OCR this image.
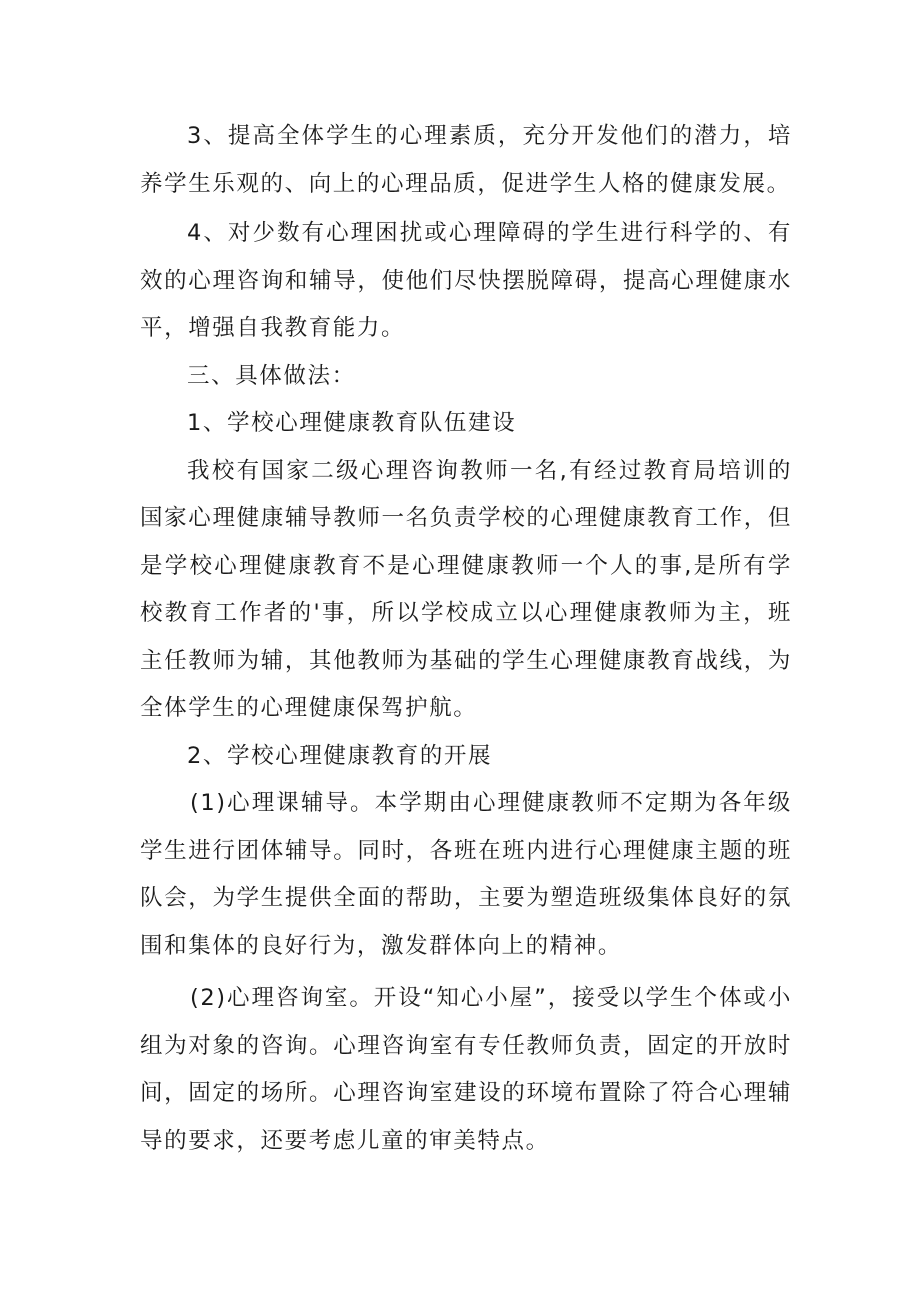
3、提高全体学生的心理素质，充分开发他们的潜力，培养学生乐观的、向上的心理品质，促进学生人格的健康发展。

4、对少数有心理困扰或心理障碍的学生进行科学的、有效的心理咨询和辅导，使他们尽快摆脱障碍，提高心理健康水平，增强自我教育能力。

三、具体做法：

1、学校心理健康教育队伍建设

我校有国家二级心理咨询教师一名,有经过教育局培训的国家心理健康辅导教师一名负责学校的心理健康教育工作，但是学校心理健康教育不是心理健康教师一个人的事,是所有学校教育工作者的'事，所以学校成立以心理健康教师为主，班主任教师为辅，其他教师为基础的学生心理健康教育战线，为全体学生的心理健康保驾护航。

2、学校心理健康教育的开展

(1)心理课辅导。本学期由心理健康教师不定期为各年级学生进行团体辅导。同时，各班在班内进行心理健康主题的班队会，为学生提供全面的帮助，主要为塑造班级集体良好的氛围和集体的良好行为，激发群体向上的精神。

(2)心理咨询室。开设“知心小屋”，接受以学生个体或小组为对象的咨询。心理咨询室有专任教师负责，固定的开放时间，固定的场所。心理咨询室建设的环境布置除了符合心理辅导的要求，还要考虑儿童的审美特点。
